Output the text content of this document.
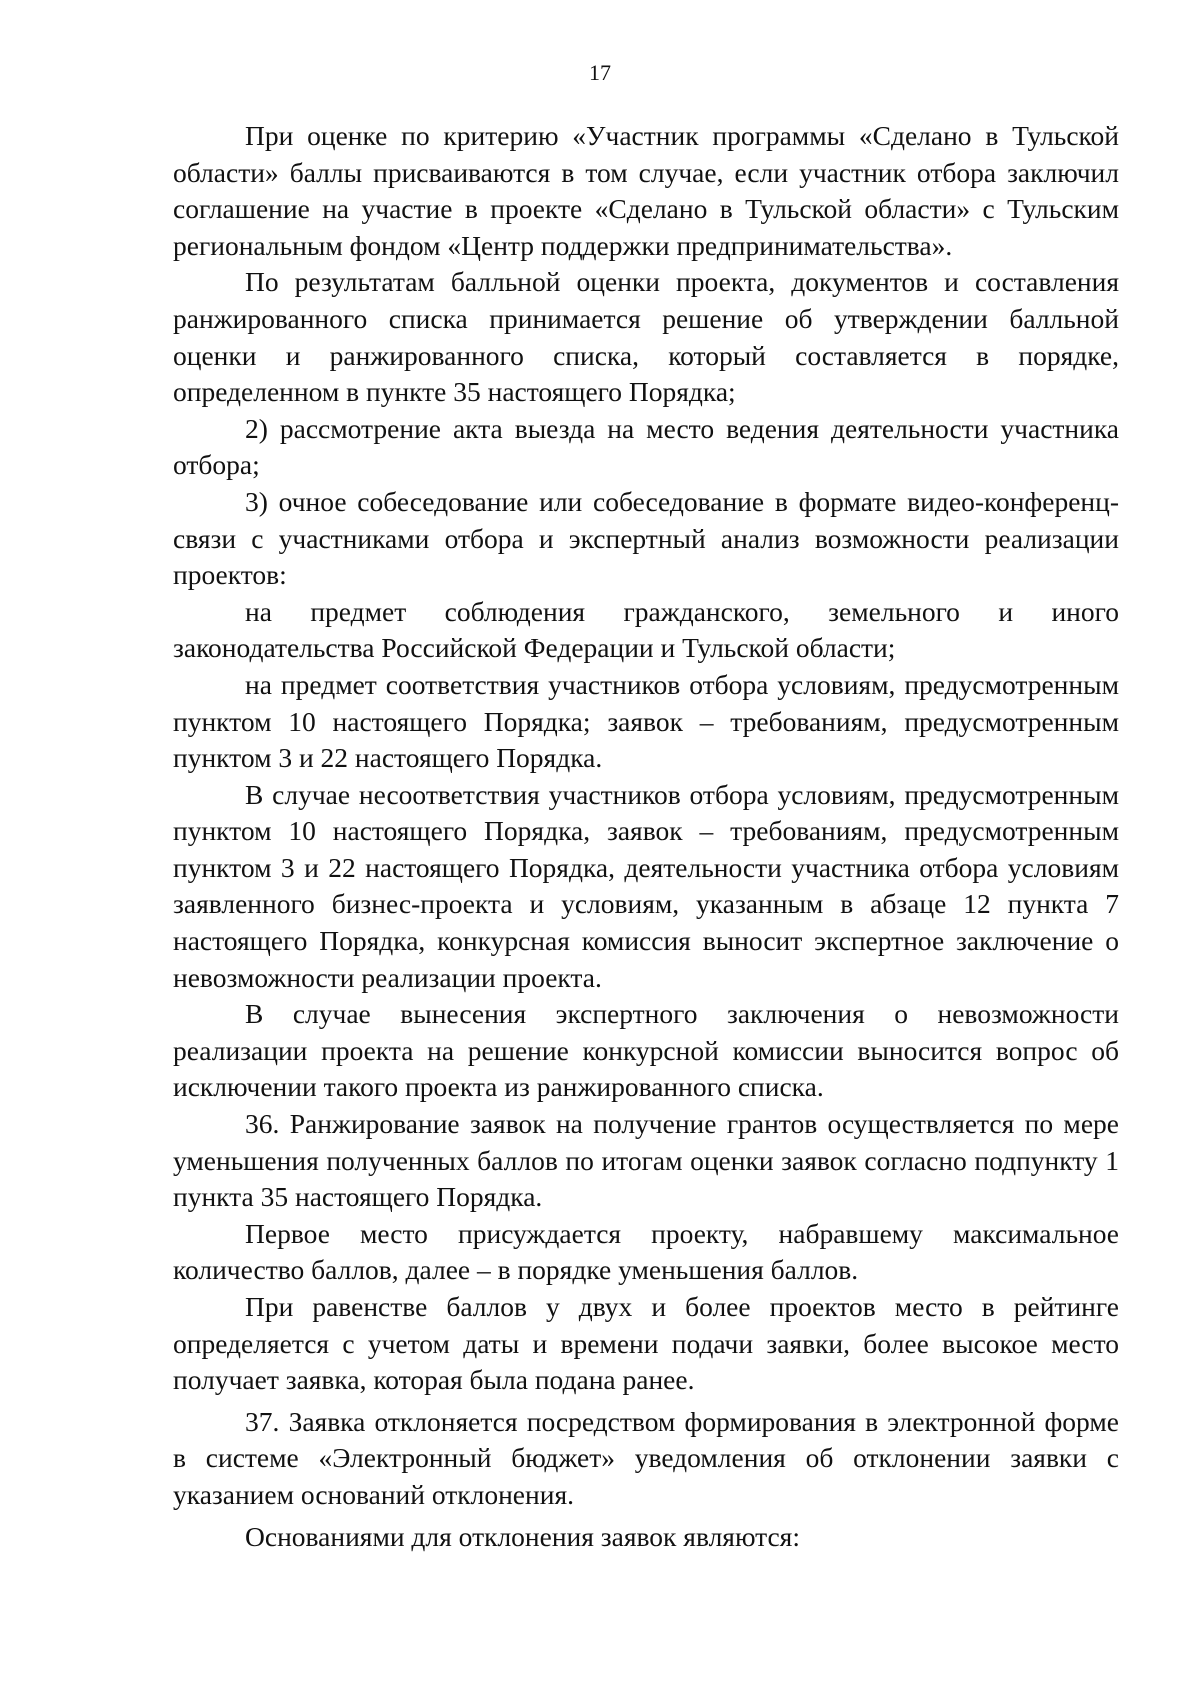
17

При оценке по критерию «Участник программы «Сделано в Тульской области» баллы присваиваются в том случае, если участник отбора заключил соглашение на участие в проекте «Сделано в Тульской области» с Тульским региональным фондом «Центр поддержки предпринимательства».

По результатам балльной оценки проекта, документов и составления ранжированного списка принимается решение об утверждении балльной оценки и ранжированного списка, который составляется в порядке, определенном в пункте 35 настоящего Порядка;

2) рассмотрение акта выезда на место ведения деятельности участника отбора;

3) очное собеседование или собеседование в формате видео-конференц-связи с участниками отбора и экспертный анализ возможности реализации проектов:

на предмет соблюдения гражданского, земельного и иного законодательства Российской Федерации и Тульской области;

на предмет соответствия участников отбора условиям, предусмотренным пунктом 10 настоящего Порядка; заявок – требованиям, предусмотренным пунктом 3 и 22 настоящего Порядка.

В случае несоответствия участников отбора условиям, предусмотренным пунктом 10 настоящего Порядка, заявок – требованиям, предусмотренным пунктом 3 и 22 настоящего Порядка, деятельности участника отбора условиям заявленного бизнес-проекта и условиям, указанным в абзаце 12 пункта 7 настоящего Порядка, конкурсная комиссия выносит экспертное заключение о невозможности реализации проекта.

В случае вынесения экспертного заключения о невозможности реализации проекта на решение конкурсной комиссии выносится вопрос об исключении такого проекта из ранжированного списка.

36. Ранжирование заявок на получение грантов осуществляется по мере уменьшения полученных баллов по итогам оценки заявок согласно подпункту 1 пункта 35 настоящего Порядка.

Первое место присуждается проекту, набравшему максимальное количество баллов, далее – в порядке уменьшения баллов.

При равенстве баллов у двух и более проектов место в рейтинге определяется с учетом даты и времени подачи заявки, более высокое место получает заявка, которая была подана ранее.

37. Заявка отклоняется посредством формирования в электронной форме в системе «Электронный бюджет» уведомления об отклонении заявки с указанием оснований отклонения.

Основаниями для отклонения заявок являются:
